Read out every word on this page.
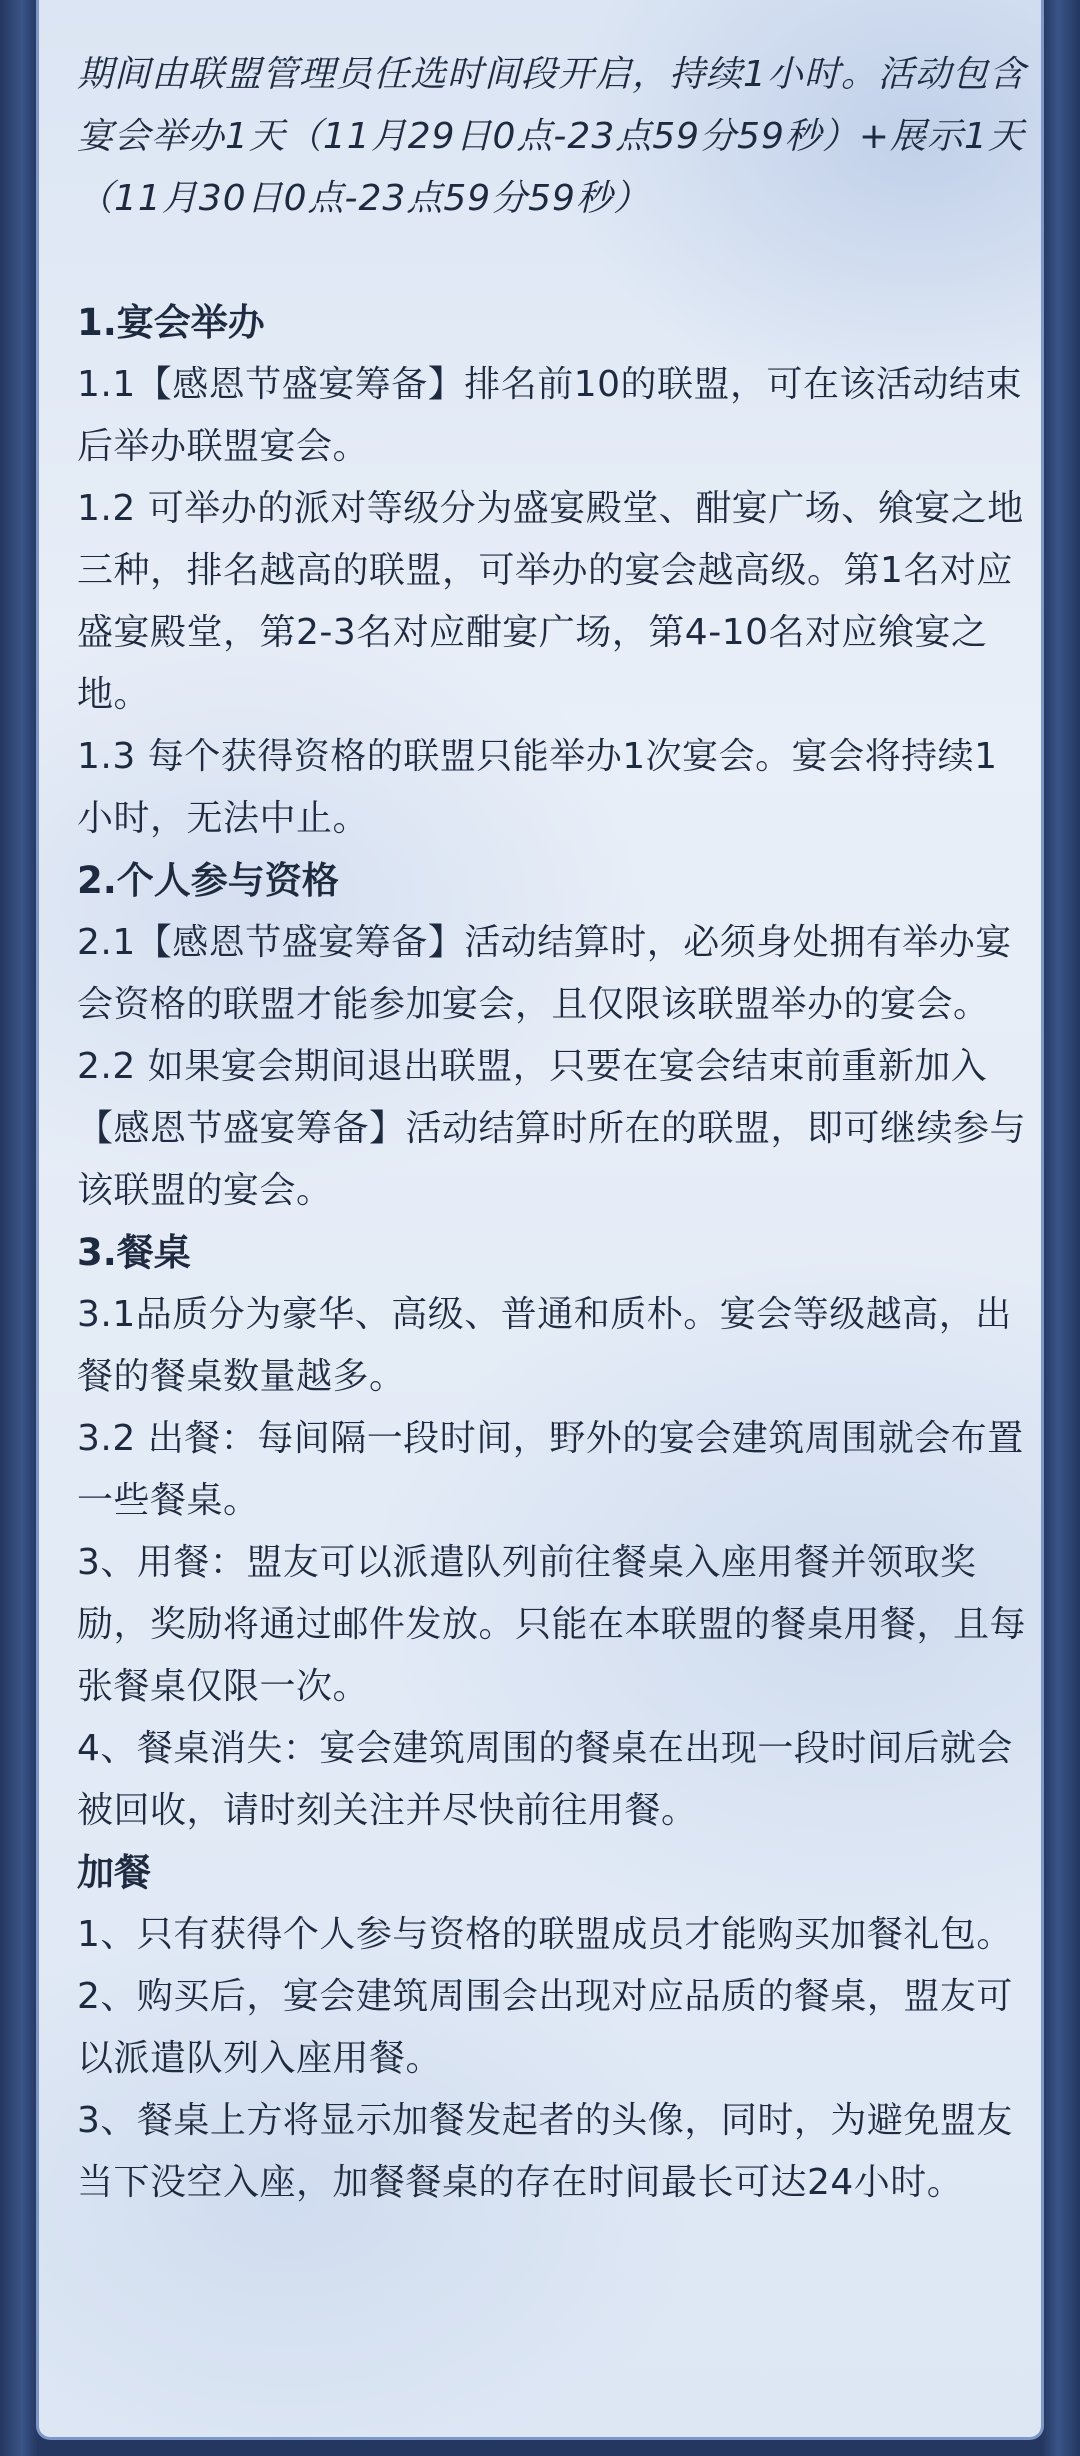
期间由联盟管理员任选时间段开启，持续1小时。活动包含宴会举办1天（11月29日0点-23点59分59秒）+展示1天（11月30日0点-23点59分59秒）
1.宴会举办
1.1【感恩节盛宴筹备】排名前10的联盟，可在该活动结束后举办联盟宴会。
1.2 可举办的派对等级分为盛宴殿堂、酣宴广场、飨宴之地三种，排名越高的联盟，可举办的宴会越高级。第1名对应盛宴殿堂，第2-3名对应酣宴广场，第4-10名对应飨宴之地。
1.3 每个获得资格的联盟只能举办1次宴会。宴会将持续1小时，无法中止。
2.个人参与资格
2.1【感恩节盛宴筹备】活动结算时，必须身处拥有举办宴会资格的联盟才能参加宴会，且仅限该联盟举办的宴会。
2.2 如果宴会期间退出联盟，只要在宴会结束前重新加入【感恩节盛宴筹备】活动结算时所在的联盟，即可继续参与该联盟的宴会。
3.餐桌
3.1品质分为豪华、高级、普通和质朴。宴会等级越高，出餐的餐桌数量越多。
3.2 出餐：每间隔一段时间，野外的宴会建筑周围就会布置一些餐桌。
3、用餐：盟友可以派遣队列前往餐桌入座用餐并领取奖励，奖励将通过邮件发放。只能在本联盟的餐桌用餐，且每张餐桌仅限一次。
4、餐桌消失：宴会建筑周围的餐桌在出现一段时间后就会被回收，请时刻关注并尽快前往用餐。
加餐
1、只有获得个人参与资格的联盟成员才能购买加餐礼包。
2、购买后，宴会建筑周围会出现对应品质的餐桌，盟友可以派遣队列入座用餐。
3、餐桌上方将显示加餐发起者的头像，同时，为避免盟友当下没空入座，加餐餐桌的存在时间最长可达24小时。
